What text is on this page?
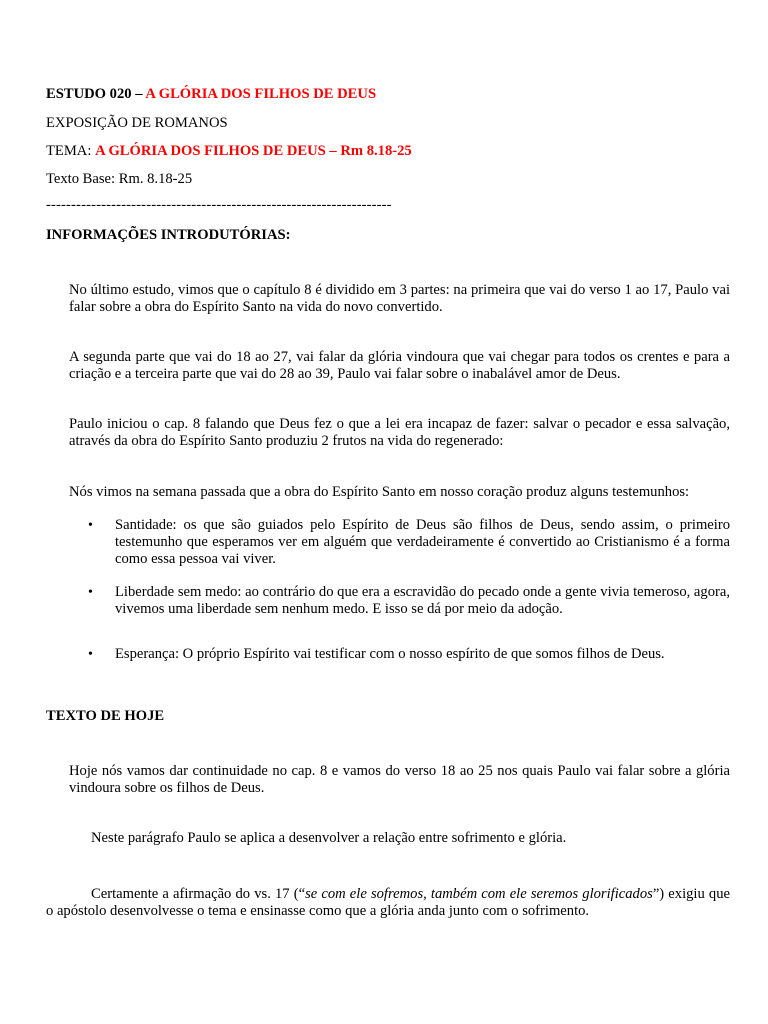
ESTUDO 020 – A GLÓRIA DOS FILHOS DE DEUS
EXPOSIÇÃO DE ROMANOS
TEMA: A GLÓRIA DOS FILHOS DE DEUS – Rm 8.18-25
Texto Base: Rm. 8.18-25
---------------------------------------------------------------------
INFORMAÇÕES INTRODUTÓRIAS:
No último estudo, vimos que o capítulo 8 é dividido em 3 partes: na primeira que vai do verso 1 ao 17, Paulo vai falar sobre a obra do Espírito Santo na vida do novo convertido.
A segunda parte que vai do 18 ao 27, vai falar da glória vindoura que vai chegar para todos os crentes e para a criação e a terceira parte que vai do 28 ao 39, Paulo vai falar sobre o inabalável amor de Deus.
Paulo iniciou o cap. 8 falando que Deus fez o que a lei era incapaz de fazer: salvar o pecador e essa salvação, através da obra do Espírito Santo produziu 2 frutos na vida do regenerado:
Nós vimos na semana passada que a obra do Espírito Santo em nosso coração produz alguns testemunhos:
• Santidade: os que são guiados pelo Espírito de Deus são filhos de Deus, sendo assim, o primeiro testemunho que esperamos ver em alguém que verdadeiramente é convertido ao Cristianismo é a forma como essa pessoa vai viver.
• Liberdade sem medo: ao contrário do que era a escravidão do pecado onde a gente vivia temeroso, agora, vivemos uma liberdade sem nenhum medo. E isso se dá por meio da adoção.
• Esperança: O próprio Espírito vai testificar com o nosso espírito de que somos filhos de Deus.
TEXTO DE HOJE
Hoje nós vamos dar continuidade no cap. 8 e vamos do verso 18 ao 25 nos quais Paulo vai falar sobre a glória vindoura sobre os filhos de Deus.
Neste parágrafo Paulo se aplica a desenvolver a relação entre sofrimento e glória.
Certamente a afirmação do vs. 17 (“se com ele sofremos, também com ele seremos glorificados”) exigiu que o apóstolo desenvolvesse o tema e ensinasse como que a glória anda junto com o sofrimento.
